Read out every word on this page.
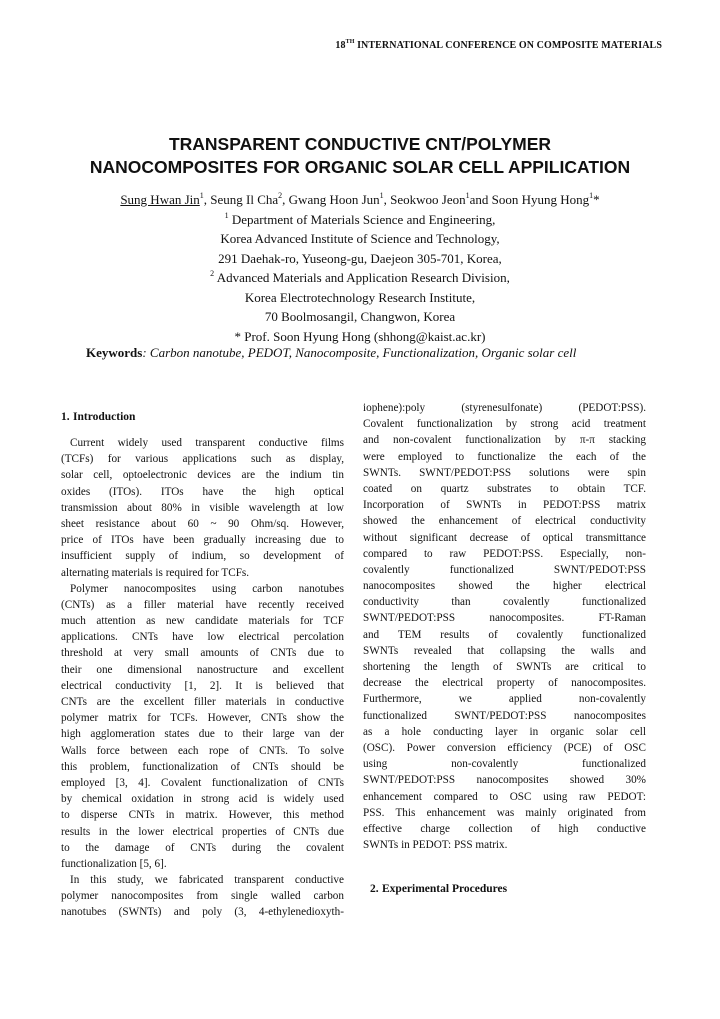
18TH INTERNATIONAL CONFERENCE ON COMPOSITE MATERIALS
TRANSPARENT CONDUCTIVE CNT/POLYMER
NANOCOMPOSITES FOR ORGANIC SOLAR CELL APPILICATION
Sung Hwan Jin$^1$, Seung Il Cha$^2$, Gwang Hoon Jun$^1$, Seokwoo Jeon$^1$and Soon Hyung Hong$^1$*
$^1$ Department of Materials Science and Engineering,
Korea Advanced Institute of Science and Technology,
291 Daehak-ro, Yuseong-gu, Daejeon 305-701, Korea,
$^2$ Advanced Materials and Application Research Division,
Korea Electrotechnology Research Institute,
70 Boolmosangil, Changwon, Korea
* Prof. Soon Hyung Hong (shhong@kaist.ac.kr)
Keywords: Carbon nanotube, PEDOT, Nanocomposite, Functionalization, Organic solar cell
1. Introduction
Current widely used transparent conductive films
(TCFs) for various applications such as display,
solar cell, optoelectronic devices are the indium tin
oxides (ITOs). ITOs have the high optical
transmission about 80% in visible wavelength at low
sheet resistance about 60 ~ 90 Ohm/sq. However,
price of ITOs have been gradually increasing due to
insufficient supply of indium, so development of
alternating materials is required for TCFs.
Polymer nanocomposites using carbon nanotubes
(CNTs) as a filler material have recently received
much attention as new candidate materials for TCF
applications. CNTs have low electrical percolation
threshold at very small amounts of CNTs due to
their one dimensional nanostructure and excellent
electrical conductivity [1, 2]. It is believed that
CNTs are the excellent filler materials in conductive
polymer matrix for TCFs. However, CNTs show the
high agglomeration states due to their large van der
Walls force between each rope of CNTs. To solve
this problem, functionalization of CNTs should be
employed [3, 4]. Covalent functionalization of CNTs
by chemical oxidation in strong acid is widely used
to disperse CNTs in matrix. However, this method
results in the lower electrical properties of CNTs due
to the damage of CNTs during the covalent
functionalization [5, 6].
In this study, we fabricated transparent conductive
polymer nanocomposites from single walled carbon
nanotubes (SWNTs) and poly (3, 4-ethylenedioxyth-
iophene):poly (styrenesulfonate) (PEDOT:PSS).
Covalent functionalization by strong acid treatment
and non-covalent functionalization by π-π stacking
were employed to functionalize the each of the
SWNTs. SWNT/PEDOT:PSS solutions were spin
coated on quartz substrates to obtain TCF.
Incorporation of SWNTs in PEDOT:PSS matrix
showed the enhancement of electrical conductivity
without significant decrease of optical transmittance
compared to raw PEDOT:PSS. Especially, non-
covalently functionalized SWNT/PEDOT:PSS
nanocomposites showed the higher electrical
conductivity than covalently functionalized
SWNT/PEDOT:PSS nanocomposites. FT-Raman
and TEM results of covalently functionalized
SWNTs revealed that collapsing the walls and
shortening the length of SWNTs are critical to
decrease the electrical property of nanocomposites.
Furthermore, we applied non-covalently
functionalized SWNT/PEDOT:PSS nanocomposites
as a hole conducting layer in organic solar cell
(OSC). Power conversion efficiency (PCE) of OSC
using non-covalently functionalized
SWNT/PEDOT:PSS nanocomposites showed 30%
enhancement compared to OSC using raw PEDOT:
PSS. This enhancement was mainly originated from
effective charge collection of high conductive
SWNTs in PEDOT: PSS matrix.
2. Experimental Procedures
